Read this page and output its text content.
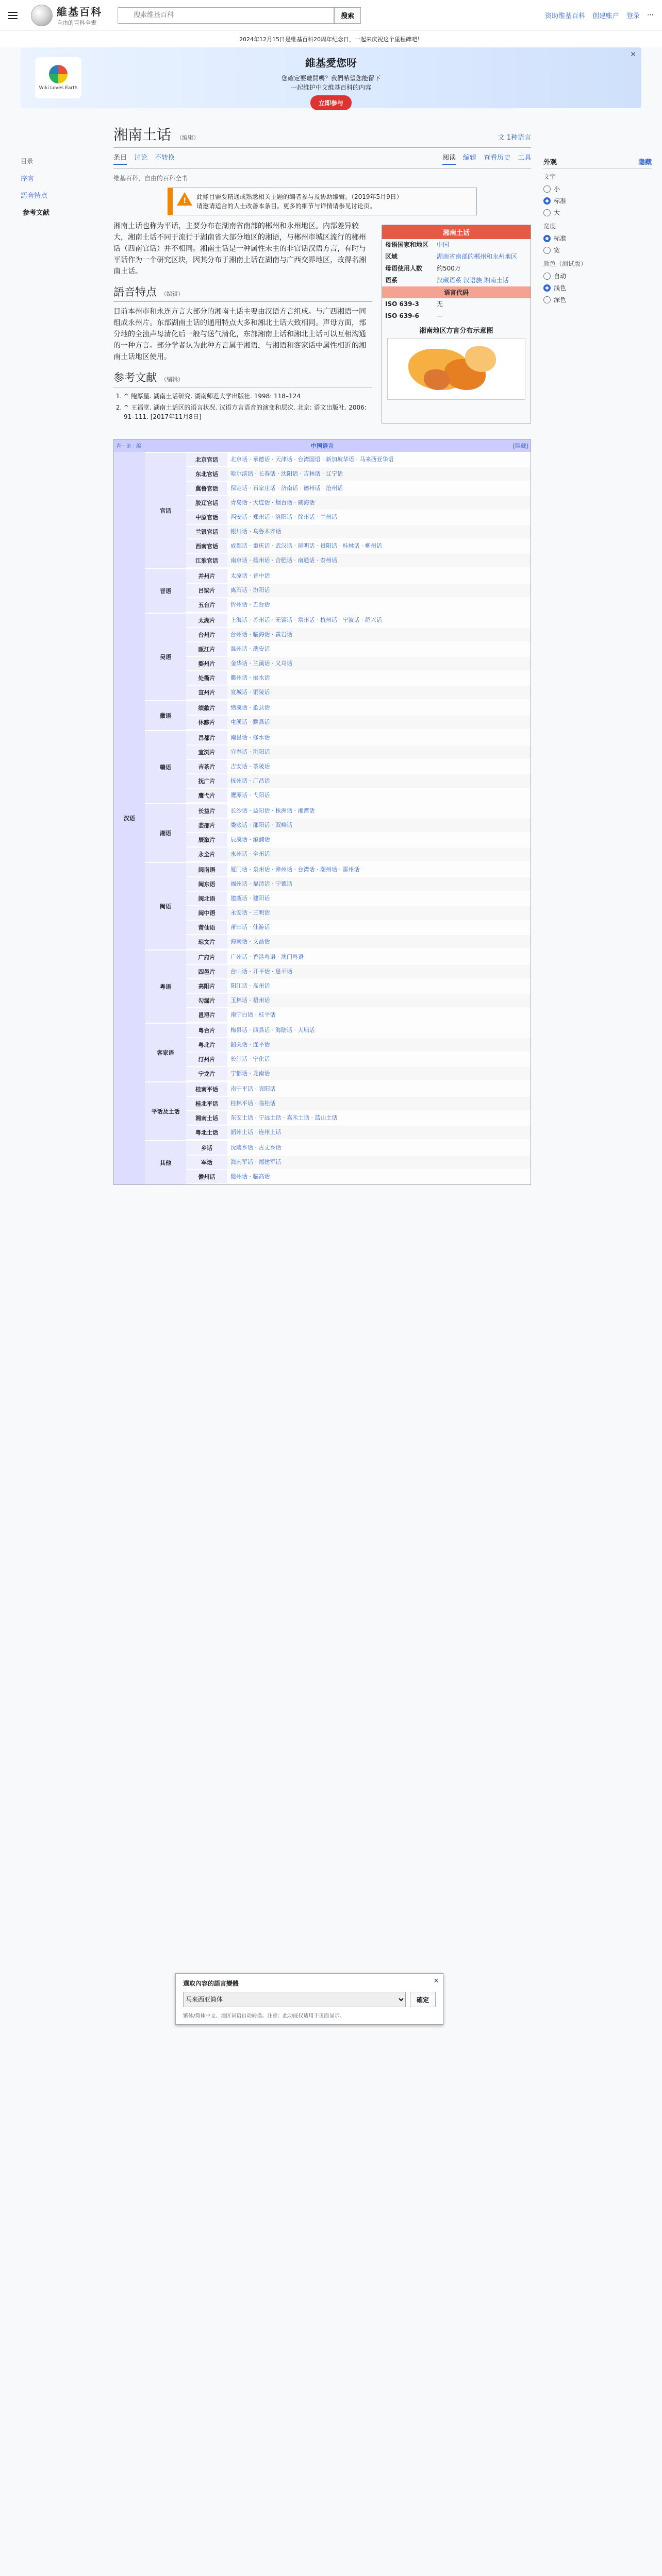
維基百科
自由的百科全書
搜索维基百科
搜索	资助维基百科 创建账户 登录 ⋯
2024年12月15日是维基百科20周年纪念日，一起来庆祝这个里程碑吧！
Wiki Loves Earth
維基愛您呀
您確定要離開嗎？我們希望您能留下
一起维护中文维基百科的内容
立即参与
✕
目录
序言
語音特点
参考文献
湘南土话 （编辑）	文 1种语言
条目 讨论 不转换	阅读 编辑 查看历史 工具
维基百科，自由的百科全书
!
此條目需要精通或熟悉相关主题的编者参与及协助编辑。（2019年5月9日）
请邀请适合的人士改善本条目。更多的细节与详情请参见讨论页。

湘南土话也称为平话，主要分布在湖南省南部的郴州和永州地区。内部差异较大，湘南土话不同于流行于湖南省大部分地区的湘语，与郴州市城区流行的郴州话（西南官话）并不相同。湘南土话是一种属性未主的非官话汉语方言，有时与平话作为一个研究区块，因其分布于湘南土话在湖南与广西交界地区，故得名湘南土话。

語音特点 （编辑）

目前本州市和永连方言大部分的湘南土话主要由汉语方言组成。与广西湘语一同组成永州片。东部湖南土话的通用特点大多和湘北土话大致相同。声母方面，部分地的全浊声母清化后一般与送气清化，东部湘南土话和湘北土话可以互相沟通的一种方言。部分学者认为此种方言属于湘语，与湘语和客家话中属性相近的湘南土话地区使用。

参考文献 （编辑）
1. ^ 鲍厚星. 湖南土话研究. 湖南师范大学出版社. 1998: 118–124
2. ^ 王福堂. 湖南土话区的语言状况. 汉语方言语音的演变和层次. 北京: 语文出版社. 2006: 91–111. [2017年11月8日]
湘南土话
母语国家和地区	中国
区域	湖南省南部的郴州和永州地区
母语使用人数	约500万
语系	汉藏语系 汉语族 湘南土话
语言代码
ISO 639-3	无
ISO 639-6	—
湘南地区方言分布示意图
查 · 论 · 编	中国语言	[隐藏]
汉语
官话
北京官话	北京话 · 承德话 · 天津话 · 台湾国语 · 新加坡华语 · 马来西亚华语
东北官话	哈尔滨话 · 长春话 · 沈阳话 · 吉林话 · 辽宁话
冀鲁官话	保定话 · 石家庄话 · 济南话 · 德州话 · 沧州话
胶辽官话	青岛话 · 大连话 · 烟台话 · 威海话
中原官话	西安话 · 郑州话 · 洛阳话 · 徐州话 · 兰州话
兰银官话	银川话 · 乌鲁木齐话
西南官话	成都话 · 重庆话 · 武汉话 · 昆明话 · 贵阳话 · 桂林话 · 柳州话
江淮官话	南京话 · 扬州话 · 合肥话 · 南通话 · 泰州话
晋语
并州片	太原话 · 晋中话
吕梁片	离石话 · 汾阳话
五台片	忻州话 · 五台话
吴语
太湖片	上海话 · 苏州话 · 无锡话 · 常州话 · 杭州话 · 宁波话 · 绍兴话
台州片	台州话 · 临海话 · 黄岩话
瓯江片	温州话 · 瑞安话
婺州片	金华话 · 兰溪话 · 义乌话
处衢片	衢州话 · 丽水话
宣州片	宣城话 · 铜陵话
徽语
绩歙片	绩溪话 · 歙县话
休黟片	屯溪话 · 黟县话
赣语
昌都片	南昌话 · 修水话
宜浏片	宜春话 · 浏阳话
吉茶片	吉安话 · 茶陵话
抚广片	抚州话 · 广昌话
鹰弋片	鹰潭话 · 弋阳话
湘语
长益片	长沙话 · 益阳话 · 株洲话 · 湘潭话
娄邵片	娄底话 · 邵阳话 · 双峰话
辰溆片	辰溪话 · 溆浦话
永全片	永州话 · 全州话
闽语
闽南语	厦门话 · 泉州话 · 漳州话 · 台湾话 · 潮州话 · 雷州话
闽东语	福州话 · 福清话 · 宁德话
闽北语	建瓯话 · 建阳话
闽中语	永安话 · 三明话
莆仙语	莆田话 · 仙游话
琼文片	海南话 · 文昌话
粤语
广府片	广州话 · 香港粤语 · 澳门粤语
四邑片	台山话 · 开平话 · 恩平话
高阳片	阳江话 · 高州话
勾漏片	玉林话 · 梧州话
邕浔片	南宁白话 · 桂平话
客家语
粤台片	梅县话 · 四县话 · 海陆话 · 大埔话
粤北片	韶关话 · 连平话
汀州片	长汀话 · 宁化话
宁龙片	宁都话 · 龙南话
平话及土话
桂南平话	南宁平话 · 宾阳话
桂北平话	桂林平话 · 临桂话
湘南土话	东安土话 · 宁远土话 · 嘉禾土话 · 蓝山土话
粤北土话	韶州土话 · 连州土话
其他
乡话	沅陵乡话 · 古丈乡话
军话	海南军话 · 福建军话
儋州话	儋州话 · 临高话
外观	隐藏
文字
小
标准
大
宽度
标准
宽
颜色（测试版）
自动
浅色
深色
選取內容的語言變體	×
马来西亚简体
確定
繁体/简体中文、地区词语自动转换。注意：此功能仅适用于页面显示。
